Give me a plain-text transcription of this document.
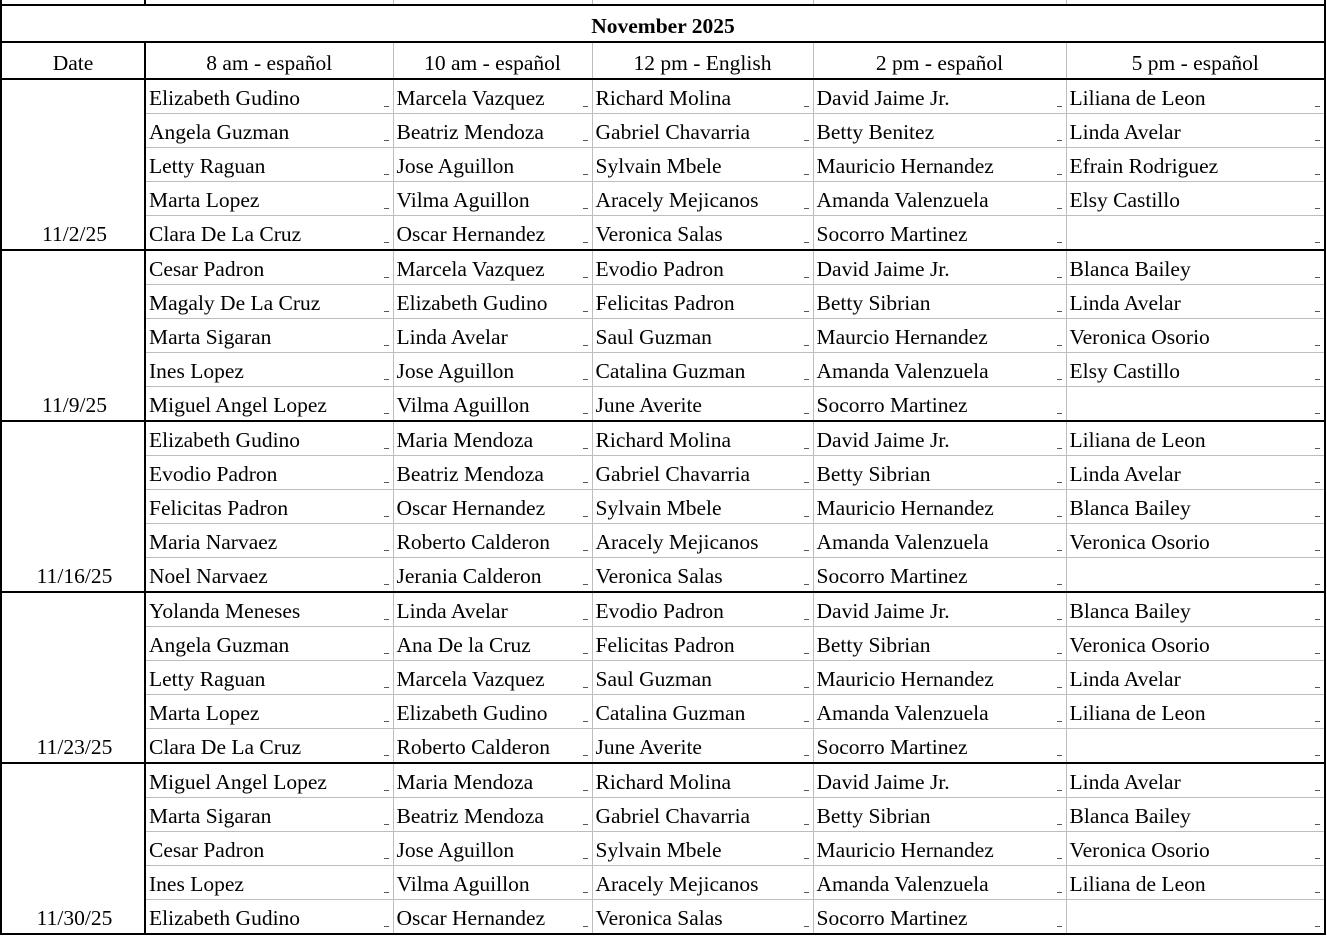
November 2025					
Date	8 am - español	10 am - español	12 pm - English	2 pm - español	5 pm - español
	Elizabeth Gudino	Marcela Vazquez	Richard Molina	David Jaime Jr.	Liliana de Leon

	Angela Guzman	Beatriz Mendoza	Gabriel Chavarria	Betty Benitez	Linda Avelar

	Letty Raguan	Jose Aguillon	Sylvain Mbele	Mauricio Hernandez	Efrain Rodriguez

	Marta Lopez	Vilma Aguillon	Aracely Mejicanos	Amanda Valenzuela	Elsy Castillo

11/2/25	Clara De La Cruz	Oscar Hernandez	Veronica Salas	Socorro Martinez

	Cesar Padron	Marcela Vazquez	Evodio Padron	David Jaime Jr.	Blanca Bailey

	Magaly De La Cruz	Elizabeth Gudino	Felicitas Padron	Betty Sibrian	Linda Avelar

	Marta Sigaran	Linda Avelar	Saul Guzman	Maurcio Hernandez	Veronica Osorio

	Ines Lopez	Jose Aguillon	Catalina Guzman	Amanda Valenzuela	Elsy Castillo

11/9/25	Miguel Angel Lopez	Vilma Aguillon	June Averite	Socorro Martinez

	Elizabeth Gudino	Maria Mendoza	Richard Molina	David Jaime Jr.	Liliana de Leon

	Evodio Padron	Beatriz Mendoza	Gabriel Chavarria	Betty Sibrian	Linda Avelar

	Felicitas Padron	Oscar Hernandez	Sylvain Mbele	Mauricio Hernandez	Blanca Bailey

	Maria Narvaez	Roberto Calderon	Aracely Mejicanos	Amanda Valenzuela	Veronica Osorio

11/16/25	Noel Narvaez	Jerania Calderon	Veronica Salas	Socorro Martinez

	Yolanda Meneses	Linda Avelar	Evodio Padron	David Jaime Jr.	Blanca Bailey

	Angela Guzman	Ana De la Cruz	Felicitas Padron	Betty Sibrian	Veronica Osorio

	Letty Raguan	Marcela Vazquez	Saul Guzman	Mauricio Hernandez	Linda Avelar

	Marta Lopez	Elizabeth Gudino	Catalina Guzman	Amanda Valenzuela	Liliana de Leon

11/23/25	Clara De La Cruz	Roberto Calderon	June Averite	Socorro Martinez

	Miguel Angel Lopez	Maria Mendoza	Richard Molina	David Jaime Jr.	Linda Avelar

	Marta Sigaran	Beatriz Mendoza	Gabriel Chavarria	Betty Sibrian	Blanca Bailey

	Cesar Padron	Jose Aguillon	Sylvain Mbele	Mauricio Hernandez	Veronica Osorio

	Ines Lopez	Vilma Aguillon	Aracely Mejicanos	Amanda Valenzuela	Liliana de Leon

11/30/25	Elizabeth Gudino	Oscar Hernandez	Veronica Salas	Socorro Martinez
